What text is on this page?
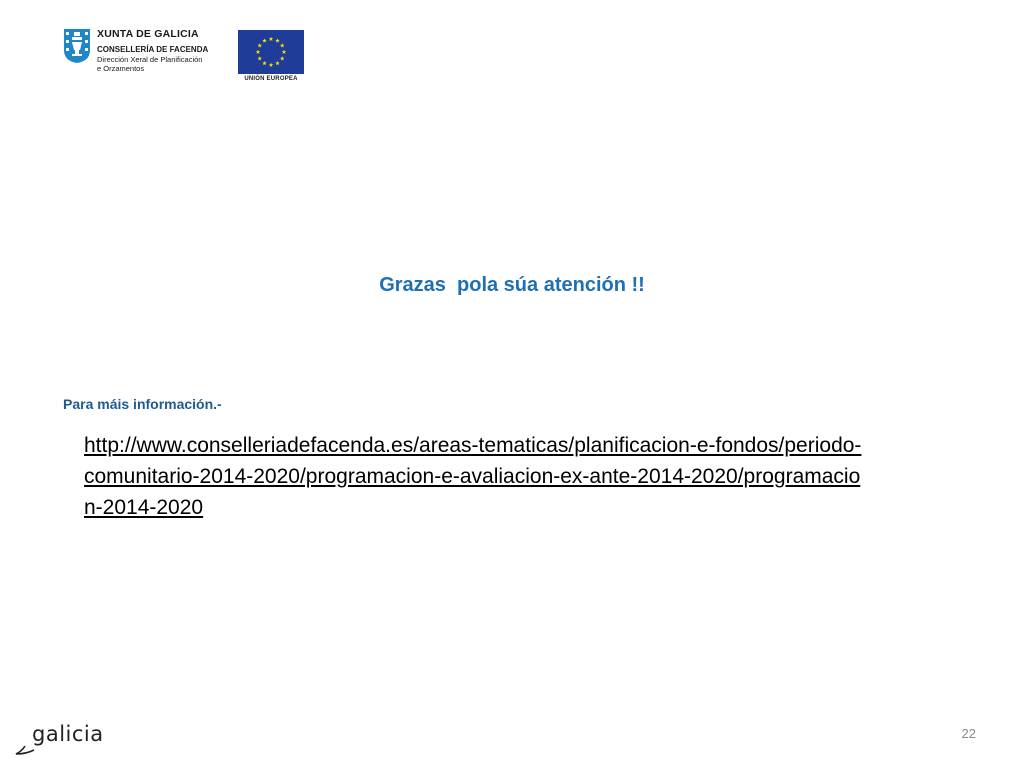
XUNTA DE GALICIA
CONSELLERÍA DE FACENDA
Dirección Xeral de Planificación
e Orzamentos
UNIÓN EUROPEA
Grazas  pola súa atención !!
Para máis información.-
http://www.conselleriadefacenda.es/areas-tematicas/planificacion-e-fondos/periodo-comunitario-2014-2020/programacion-e-avaliacion-ex-ante-2014-2020/programacion-2014-2020
galicia	22
